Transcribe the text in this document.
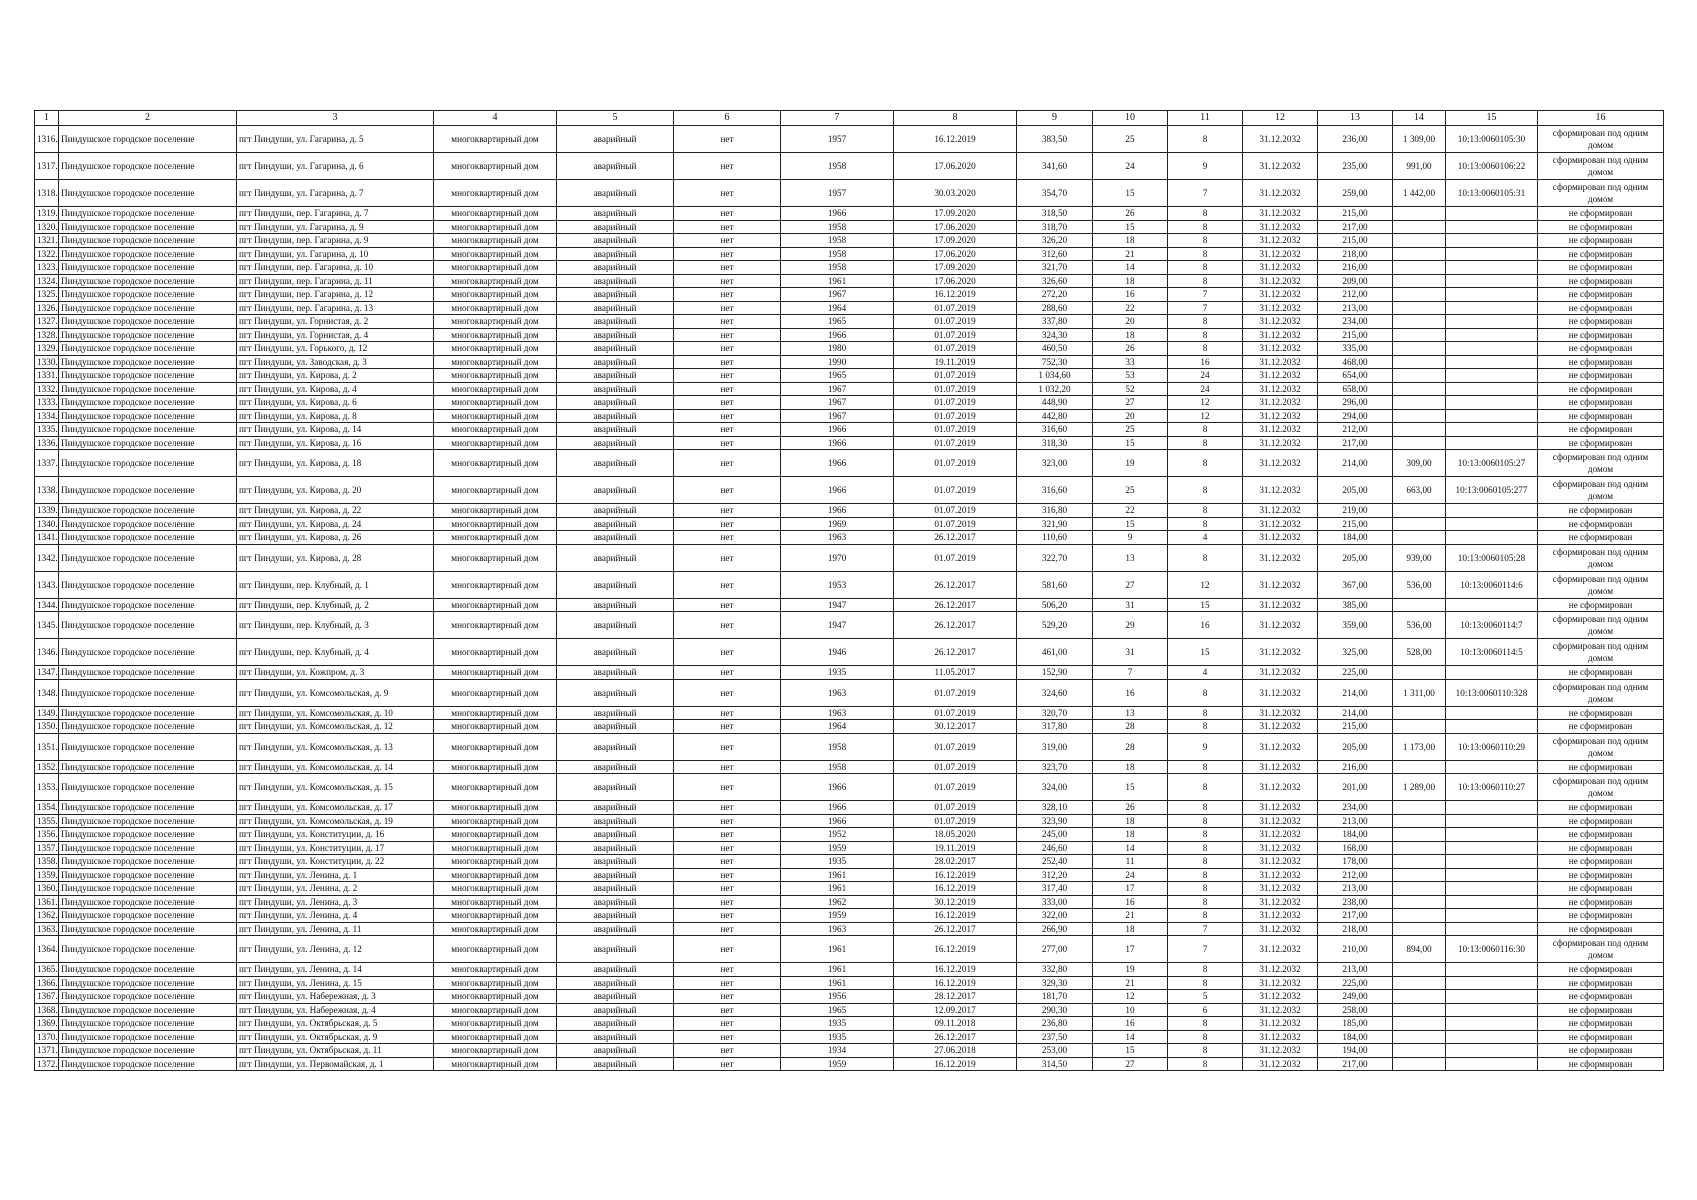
1	2	3	4	5	6	7	8	9	10	11	12	13	14	15	16
1316.	Пиндушское городское поселение	пгт Пиндуши, ул. Гагарина, д. 5	многоквартирный дом	аварийный	нет	1957	16.12.2019	383,50	25	8	31.12.2032	236,00	1 309,00	10:13:0060105:30	сформирован под одним домом
1317.	Пиндушское городское поселение	пгт Пиндуши, ул. Гагарина, д. 6	многоквартирный дом	аварийный	нет	1958	17.06.2020	341,60	24	9	31.12.2032	235,00	991,00	10:13:0060106:22	сформирован под одним домом
1318.	Пиндушское городское поселение	пгт Пиндуши, ул. Гагарина, д. 7	многоквартирный дом	аварийный	нет	1957	30.03.2020	354,70	15	7	31.12.2032	259,00	1 442,00	10:13:0060105:31	сформирован под одним домом
1319.	Пиндушское городское поселение	пгт Пиндуши, пер. Гагарина, д. 7	многоквартирный дом	аварийный	нет	1966	17.09.2020	318,50	26	8	31.12.2032	215,00			не сформирован
1320.	Пиндушское городское поселение	пгт Пиндуши, ул. Гагарина, д. 9	многоквартирный дом	аварийный	нет	1958	17.06.2020	318,70	15	8	31.12.2032	217,00			не сформирован
1321.	Пиндушское городское поселение	пгт Пиндуши, пер. Гагарина, д. 9	многоквартирный дом	аварийный	нет	1958	17.09.2020	326,20	18	8	31.12.2032	215,00			не сформирован
1322.	Пиндушское городское поселение	пгт Пиндуши, ул. Гагарина, д. 10	многоквартирный дом	аварийный	нет	1958	17.06.2020	312,60	21	8	31.12.2032	218,00			не сформирован
1323.	Пиндушское городское поселение	пгт Пиндуши, пер. Гагарина, д. 10	многоквартирный дом	аварийный	нет	1958	17.09.2020	321,70	14	8	31.12.2032	216,00			не сформирован
1324.	Пиндушское городское поселение	пгт Пиндуши, пер. Гагарина, д. 11	многоквартирный дом	аварийный	нет	1961	17.06.2020	326,60	18	8	31.12.2032	209,00			не сформирован
1325.	Пиндушское городское поселение	пгт Пиндуши, пер. Гагарина, д. 12	многоквартирный дом	аварийный	нет	1967	16.12.2019	272,20	16	7	31.12.2032	212,00			не сформирован
1326.	Пиндушское городское поселение	пгт Пиндуши, пер. Гагарина, д. 13	многоквартирный дом	аварийный	нет	1964	01.07.2019	288,60	22	7	31.12.2032	213,00			не сформирован
1327.	Пиндушское городское поселение	пгт Пиндуши, ул. Горнистая, д. 2	многоквартирный дом	аварийный	нет	1965	01.07.2019	337,80	20	8	31.12.2032	234,00			не сформирован
1328.	Пиндушское городское поселение	пгт Пиндуши, ул. Горнистая, д. 4	многоквартирный дом	аварийный	нет	1966	01.07.2019	324,30	18	8	31.12.2032	215,00			не сформирован
1329.	Пиндушское городское поселение	пгт Пиндуши, ул. Горького, д. 12	многоквартирный дом	аварийный	нет	1980	01.07.2019	460,50	26	8	31.12.2032	335,00			не сформирован
1330.	Пиндушское городское поселение	пгт Пиндуши, ул. Заводская, д. 3	многоквартирный дом	аварийный	нет	1990	19.11.2019	752,30	33	16	31.12.2032	468,00			не сформирован
1331.	Пиндушское городское поселение	пгт Пиндуши, ул. Кирова, д. 2	многоквартирный дом	аварийный	нет	1965	01.07.2019	1 034,60	53	24	31.12.2032	654,00			не сформирован
1332.	Пиндушское городское поселение	пгт Пиндуши, ул. Кирова, д. 4	многоквартирный дом	аварийный	нет	1967	01.07.2019	1 032,20	52	24	31.12.2032	658,00			не сформирован
1333.	Пиндушское городское поселение	пгт Пиндуши, ул. Кирова, д. 6	многоквартирный дом	аварийный	нет	1967	01.07.2019	448,90	27	12	31.12.2032	296,00			не сформирован
1334.	Пиндушское городское поселение	пгт Пиндуши, ул. Кирова, д. 8	многоквартирный дом	аварийный	нет	1967	01.07.2019	442,80	20	12	31.12.2032	294,00			не сформирован
1335.	Пиндушское городское поселение	пгт Пиндуши, ул. Кирова, д. 14	многоквартирный дом	аварийный	нет	1966	01.07.2019	316,60	25	8	31.12.2032	212,00			не сформирован
1336.	Пиндушское городское поселение	пгт Пиндуши, ул. Кирова, д. 16	многоквартирный дом	аварийный	нет	1966	01.07.2019	318,30	15	8	31.12.2032	217,00			не сформирован
1337.	Пиндушское городское поселение	пгт Пиндуши, ул. Кирова, д. 18	многоквартирный дом	аварийный	нет	1966	01.07.2019	323,00	19	8	31.12.2032	214,00	309,00	10:13:0060105:27	сформирован под одним домом
1338.	Пиндушское городское поселение	пгт Пиндуши, ул. Кирова, д. 20	многоквартирный дом	аварийный	нет	1966	01.07.2019	316,60	25	8	31.12.2032	205,00	663,00	10:13:0060105:277	сформирован под одним домом
1339.	Пиндушское городское поселение	пгт Пиндуши, ул. Кирова, д. 22	многоквартирный дом	аварийный	нет	1966	01.07.2019	316,80	22	8	31.12.2032	219,00			не сформирован
1340.	Пиндушское городское поселение	пгт Пиндуши, ул. Кирова, д. 24	многоквартирный дом	аварийный	нет	1969	01.07.2019	321,90	15	8	31.12.2032	215,00			не сформирован
1341.	Пиндушское городское поселение	пгт Пиндуши, ул. Кирова, д. 26	многоквартирный дом	аварийный	нет	1963	26.12.2017	110,60	9	4	31.12.2032	184,00			не сформирован
1342.	Пиндушское городское поселение	пгт Пиндуши, ул. Кирова, д. 28	многоквартирный дом	аварийный	нет	1970	01.07.2019	322,70	13	8	31.12.2032	205,00	939,00	10:13:0060105:28	сформирован под одним домом
1343.	Пиндушское городское поселение	пгт Пиндуши, пер. Клубный, д. 1	многоквартирный дом	аварийный	нет	1953	26.12.2017	581,60	27	12	31.12.2032	367,00	536,00	10:13:0060114:6	сформирован под одним домом
1344.	Пиндушское городское поселение	пгт Пиндуши, пер. Клубный, д. 2	многоквартирный дом	аварийный	нет	1947	26.12.2017	506,20	31	15	31.12.2032	385,00			не сформирован
1345.	Пиндушское городское поселение	пгт Пиндуши, пер. Клубный, д. 3	многоквартирный дом	аварийный	нет	1947	26.12.2017	529,20	29	16	31.12.2032	359,00	536,00	10:13:0060114:7	сформирован под одним домом
1346.	Пиндушское городское поселение	пгт Пиндуши, пер. Клубный, д. 4	многоквартирный дом	аварийный	нет	1946	26.12.2017	461,00	31	15	31.12.2032	325,00	528,00	10:13:0060114:5	сформирован под одним домом
1347.	Пиндушское городское поселение	пгт Пиндуши, ул. Кожпром, д. 3	многоквартирный дом	аварийный	нет	1935	11.05.2017	152,90	7	4	31.12.2032	225,00			не сформирован
1348.	Пиндушское городское поселение	пгт Пиндуши, ул. Комсомольская, д. 9	многоквартирный дом	аварийный	нет	1963	01.07.2019	324,60	16	8	31.12.2032	214,00	1 311,00	10:13:0060110:328	сформирован под одним домом
1349.	Пиндушское городское поселение	пгт Пиндуши, ул. Комсомольская, д. 10	многоквартирный дом	аварийный	нет	1963	01.07.2019	320,70	13	8	31.12.2032	214,00			не сформирован
1350.	Пиндушское городское поселение	пгт Пиндуши, ул. Комсомольская, д. 12	многоквартирный дом	аварийный	нет	1964	30.12.2017	317,80	28	8	31.12.2032	215,00			не сформирован
1351.	Пиндушское городское поселение	пгт Пиндуши, ул. Комсомольская, д. 13	многоквартирный дом	аварийный	нет	1958	01.07.2019	319,00	28	9	31.12.2032	205,00	1 173,00	10:13:0060110:29	сформирован под одним домом
1352.	Пиндушское городское поселение	пгт Пиндуши, ул. Комсомольская, д. 14	многоквартирный дом	аварийный	нет	1958	01.07.2019	323,70	18	8	31.12.2032	216,00			не сформирован
1353.	Пиндушское городское поселение	пгт Пиндуши, ул. Комсомольская, д. 15	многоквартирный дом	аварийный	нет	1966	01.07.2019	324,00	15	8	31.12.2032	201,00	1 289,00	10:13:0060110:27	сформирован под одним домом
1354.	Пиндушское городское поселение	пгт Пиндуши, ул. Комсомольская, д. 17	многоквартирный дом	аварийный	нет	1966	01.07.2019	328,10	26	8	31.12.2032	234,00			не сформирован
1355.	Пиндушское городское поселение	пгт Пиндуши, ул. Комсомольская, д. 19	многоквартирный дом	аварийный	нет	1966	01.07.2019	323,90	18	8	31.12.2032	213,00			не сформирован
1356.	Пиндушское городское поселение	пгт Пиндуши, ул. Конституции, д. 16	многоквартирный дом	аварийный	нет	1952	18.05.2020	245,00	18	8	31.12.2032	184,00			не сформирован
1357.	Пиндушское городское поселение	пгт Пиндуши, ул. Конституции, д. 17	многоквартирный дом	аварийный	нет	1959	19.11.2019	246,60	14	8	31.12.2032	168,00			не сформирован
1358.	Пиндушское городское поселение	пгт Пиндуши, ул. Конституции, д. 22	многоквартирный дом	аварийный	нет	1935	28.02.2017	252,40	11	8	31.12.2032	178,00			не сформирован
1359.	Пиндушское городское поселение	пгт Пиндуши, ул. Ленина, д. 1	многоквартирный дом	аварийный	нет	1961	16.12.2019	312,20	24	8	31.12.2032	212,00			не сформирован
1360.	Пиндушское городское поселение	пгт Пиндуши, ул. Ленина, д. 2	многоквартирный дом	аварийный	нет	1961	16.12.2019	317,40	17	8	31.12.2032	213,00			не сформирован
1361.	Пиндушское городское поселение	пгт Пиндуши, ул. Ленина, д. 3	многоквартирный дом	аварийный	нет	1962	30.12.2019	333,00	16	8	31.12.2032	238,00			не сформирован
1362.	Пиндушское городское поселение	пгт Пиндуши, ул. Ленина, д. 4	многоквартирный дом	аварийный	нет	1959	16.12.2019	322,00	21	8	31.12.2032	217,00			не сформирован
1363.	Пиндушское городское поселение	пгт Пиндуши, ул. Ленина, д. 11	многоквартирный дом	аварийный	нет	1963	26.12.2017	266,90	18	7	31.12.2032	218,00			не сформирован
1364.	Пиндушское городское поселение	пгт Пиндуши, ул. Ленина, д. 12	многоквартирный дом	аварийный	нет	1961	16.12.2019	277,00	17	7	31.12.2032	210,00	894,00	10:13:0060116:30	сформирован под одним домом
1365.	Пиндушское городское поселение	пгт Пиндуши, ул. Ленина, д. 14	многоквартирный дом	аварийный	нет	1961	16.12.2019	332,80	19	8	31.12.2032	213,00			не сформирован
1366.	Пиндушское городское поселение	пгт Пиндуши, ул. Ленина, д. 15	многоквартирный дом	аварийный	нет	1961	16.12.2019	329,30	21	8	31.12.2032	225,00			не сформирован
1367.	Пиндушское городское поселение	пгт Пиндуши, ул. Набережная, д. 3	многоквартирный дом	аварийный	нет	1956	28.12.2017	181,70	12	5	31.12.2032	249,00			не сформирован
1368.	Пиндушское городское поселение	пгт Пиндуши, ул. Набережная, д. 4	многоквартирный дом	аварийный	нет	1965	12.09.2017	290,30	10	6	31.12.2032	258,00			не сформирован
1369.	Пиндушское городское поселение	пгт Пиндуши, ул. Октябрьская, д. 5	многоквартирный дом	аварийный	нет	1935	09.11.2018	236,80	16	8	31.12.2032	185,00			не сформирован
1370.	Пиндушское городское поселение	пгт Пиндуши, ул. Октябрьская, д. 9	многоквартирный дом	аварийный	нет	1935	26.12.2017	237,50	14	8	31.12.2032	184,00			не сформирован
1371.	Пиндушское городское поселение	пгт Пиндуши, ул. Октябрьская, д. 11	многоквартирный дом	аварийный	нет	1934	27.06.2018	253,00	15	8	31.12.2032	194,00			не сформирован
1372.	Пиндушское городское поселение	пгт Пиндуши, ул. Первомайская, д. 1	многоквартирный дом	аварийный	нет	1959	16.12.2019	314,50	27	8	31.12.2032	217,00			не сформирован
